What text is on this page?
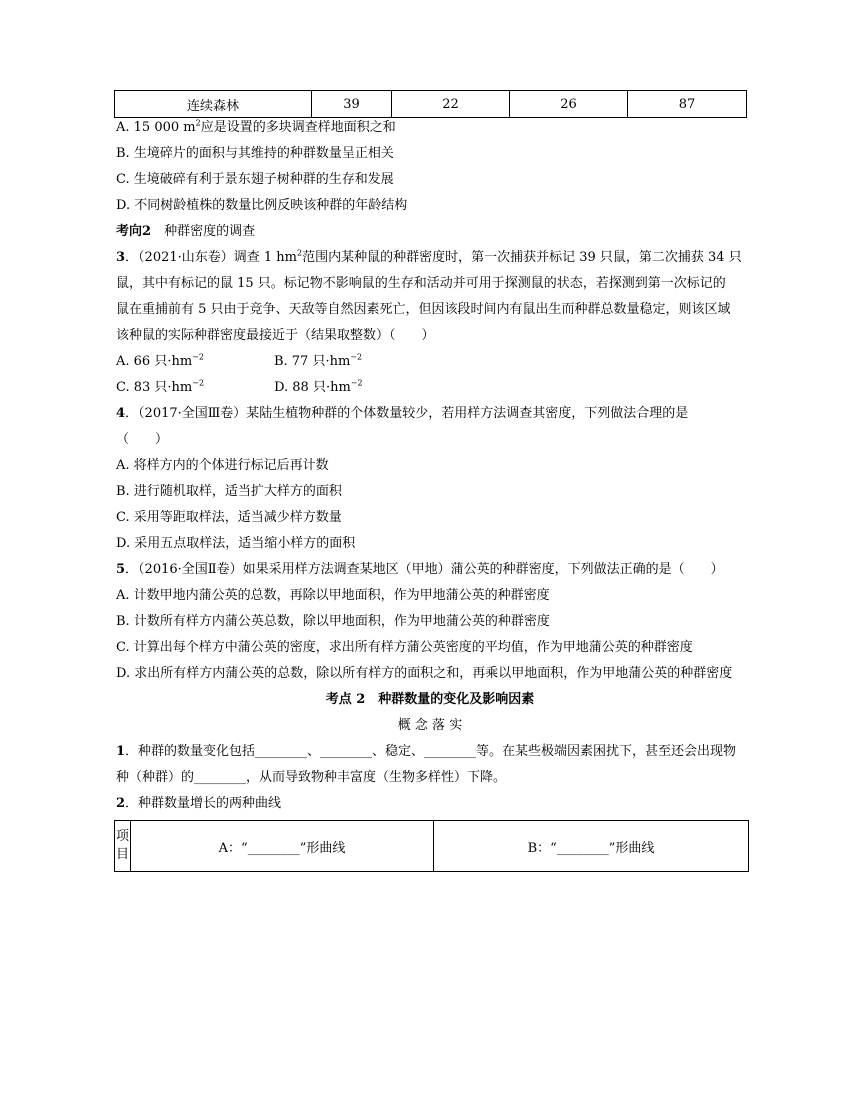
连续森林	39	22	26	87
A. 15 000 $m^2$应是设置的多块调查样地面积之和
B. 生境碎片的面积与其维持的种群数量呈正相关
C. 生境破碎有利于景东翅子树种群的生存和发展
D. 不同树龄植株的数量比例反映该种群的年龄结构
考向2　 种群密度的调查
3．（2021·山东卷）调查 1 $hm^2$范围内某种鼠的种群密度时，第一次捕获并标记 39 只鼠，第二次捕获 34 只
鼠，其中有标记的鼠 15 只。标记物不影响鼠的生存和活动并可用于探测鼠的状态，若探测到第一次标记的
鼠在重捕前有 5 只由于竞争、天敌等自然因素死亡，但因该段时间内有鼠出生而种群总数量稳定，则该区域
该种鼠的实际种群密度最接近于（结果取整数）（　　）
A. 66 只$\cdot hm^{-2}$	B. 77 只$\cdot hm^{-2}$
C. 83 只$\cdot hm^{-2}$	D. 88 只$\cdot hm^{-2}$
4．（2017·全国Ⅲ卷）某陆生植物种群的个体数量较少，若用样方法调查其密度，下列做法合理的是
（　　）
A. 将样方内的个体进行标记后再计数
B. 进行随机取样，适当扩大样方的面积
C. 采用等距取样法，适当减少样方数量
D. 采用五点取样法，适当缩小样方的面积
5．（2016·全国Ⅱ卷）如果采用样方法调查某地区（甲地）蒲公英的种群密度，下列做法正确的是（　　）
A. 计数甲地内蒲公英的总数，再除以甲地面积，作为甲地蒲公英的种群密度
B. 计数所有样方内蒲公英总数，除以甲地面积，作为甲地蒲公英的种群密度
C. 计算出每个样方中蒲公英的密度，求出所有样方蒲公英密度的平均值，作为甲地蒲公英的种群密度
D. 求出所有样方内蒲公英的总数，除以所有样方的面积之和，再乘以甲地面积，作为甲地蒲公英的种群密度
考点 2　种群数量的变化及影响因素
概 念 落 实
1．种群的数量变化包括________、________、稳定、________等。在某些极端因素困扰下，甚至还会出现物
种（种群）的________，从而导致物种丰富度（生物多样性）下降。
2．种群数量增长的两种曲线
项目	A：“________”形曲线	B：“________”形曲线
